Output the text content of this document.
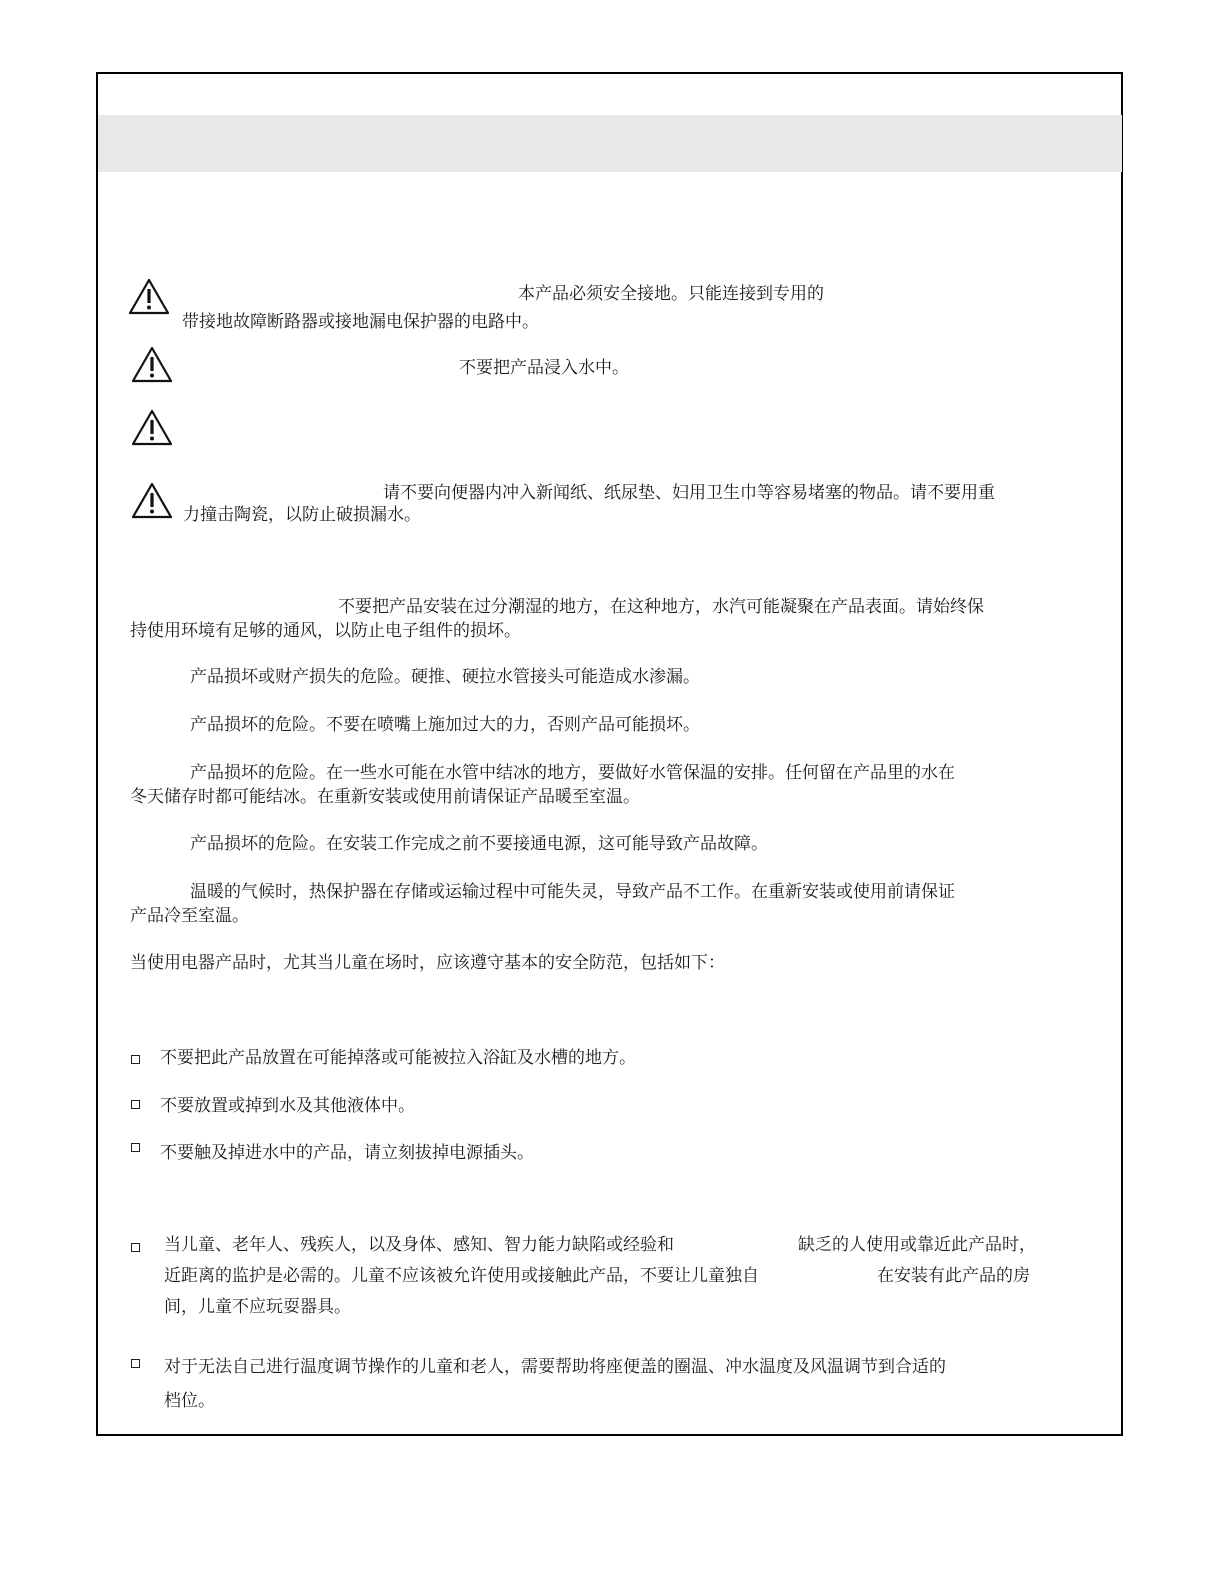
本产品必须安全接地。只能连接到专用的
带接地故障断路器或接地漏电保护器的电路中。
不要把产品浸入水中。
请不要向便器内冲入新闻纸、纸尿垫、妇用卫生巾等容易堵塞的物品。请不要用重
力撞击陶瓷，以防止破损漏水。
不要把产品安装在过分潮湿的地方，在这种地方，水汽可能凝聚在产品表面。请始终保
持使用环境有足够的通风，以防止电子组件的损坏。
产品损坏或财产损失的危险。硬推、硬拉水管接头可能造成水渗漏。
产品损坏的危险。不要在喷嘴上施加过大的力，否则产品可能损坏。
产品损坏的危险。在一些水可能在水管中结冰的地方，要做好水管保温的安排。任何留在产品里的水在
冬天储存时都可能结冰。在重新安装或使用前请保证产品暖至室温。
产品损坏的危险。在安装工作完成之前不要接通电源，这可能导致产品故障。
温暖的气候时，热保护器在存储或运输过程中可能失灵，导致产品不工作。在重新安装或使用前请保证
产品冷至室温。
当使用电器产品时，尤其当儿童在场时，应该遵守基本的安全防范，包括如下：
不要把此产品放置在可能掉落或可能被拉入浴缸及水槽的地方。
不要放置或掉到水及其他液体中。
不要触及掉进水中的产品，请立刻拔掉电源插头。
当儿童、老年人、残疾人，以及身体、感知、智力能力缺陷或经验和	缺乏的人使用或靠近此产品时，
近距离的监护是必需的。儿童不应该被允许使用或接触此产品，不要让儿童独自	在安装有此产品的房
间，儿童不应玩耍器具。
对于无法自己进行温度调节操作的儿童和老人，需要帮助将座便盖的圈温、冲水温度及风温调节到合适的
档位。
